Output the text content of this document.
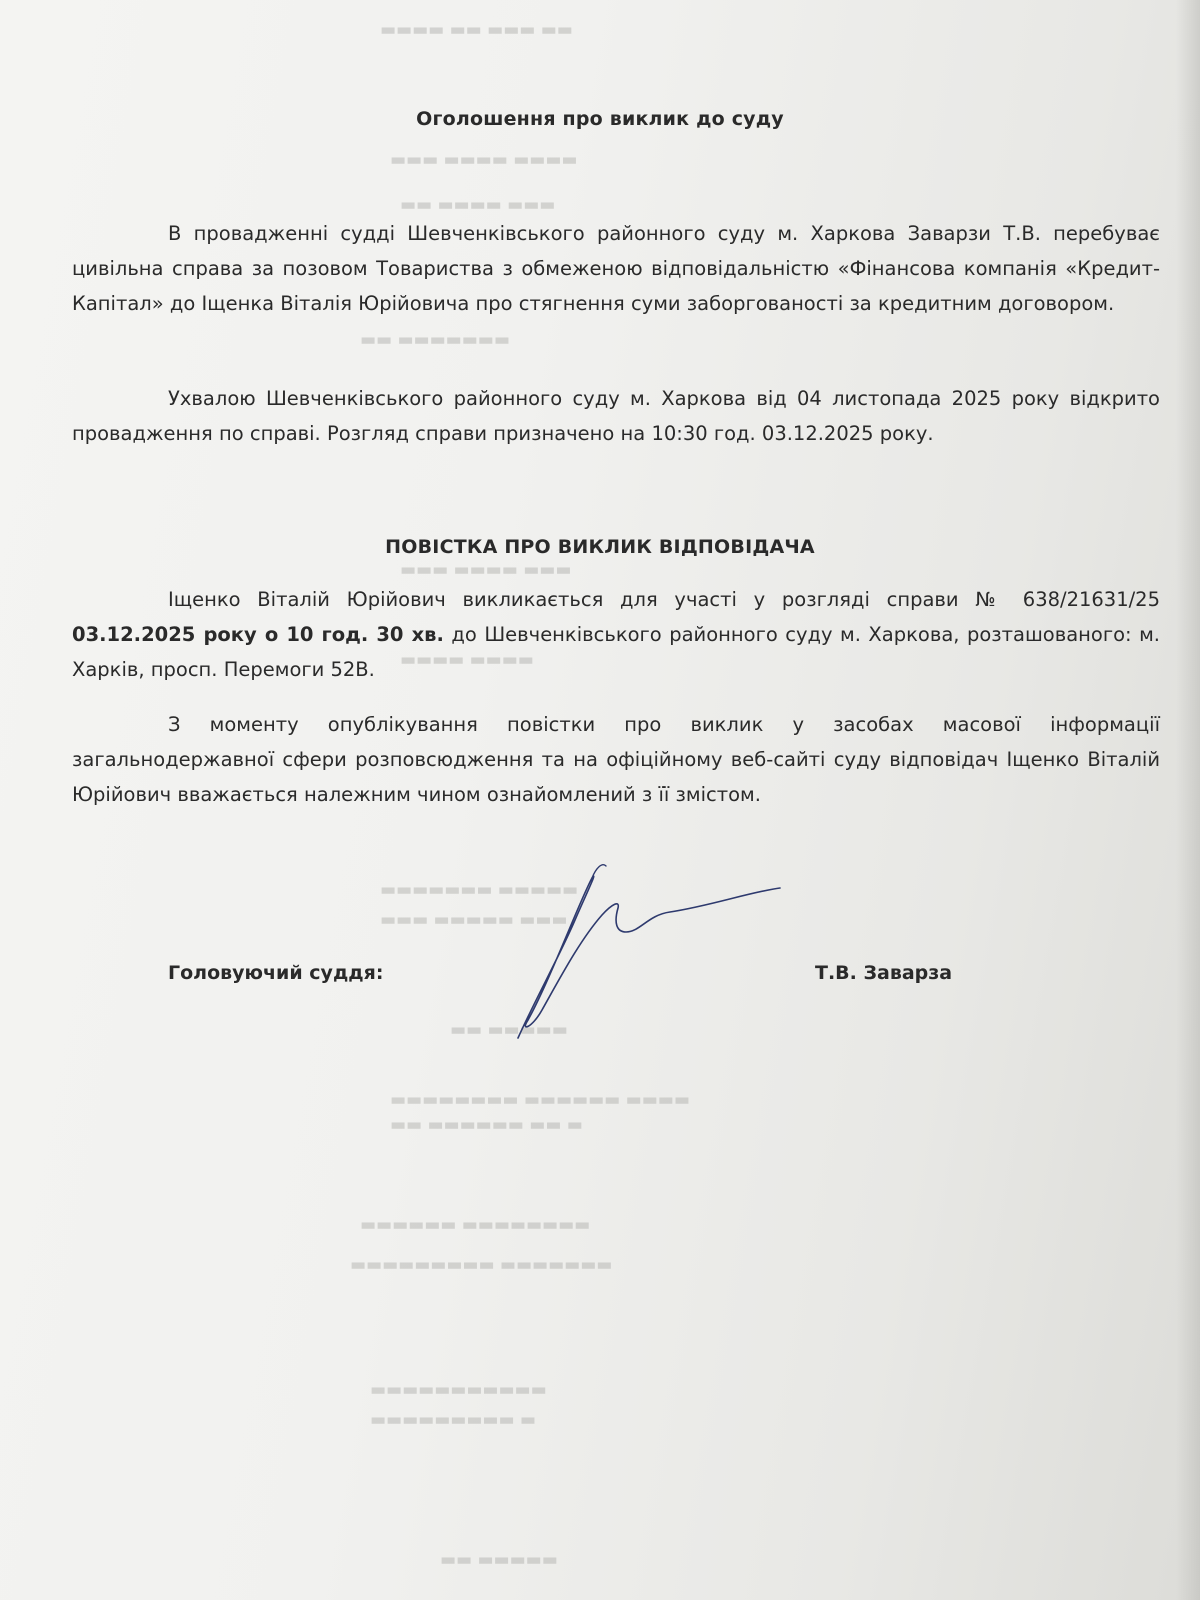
▬▬ ▬▬▬ ▬▬ ▬▬▬▬
▬▬▬▬ ▬▬▬▬ ▬▬▬
▬▬▬ ▬▬▬▬ ▬▬
▬▬▬▬▬▬▬ ▬▬
▬▬▬ ▬▬▬▬ ▬▬▬
▬▬▬▬ ▬▬▬▬
▬▬▬▬▬ ▬▬▬▬▬▬▬
▬▬▬ ▬▬▬▬▬ ▬▬▬
▬▬▬▬▬ ▬▬
▬▬▬▬ ▬▬▬▬▬▬ ▬▬▬▬▬▬▬▬
▬ ▬▬ ▬▬▬▬▬▬ ▬▬
▬▬▬▬▬▬▬▬ ▬▬▬▬▬▬
▬▬▬▬▬▬▬ ▬▬▬▬▬▬▬▬▬
▬▬▬▬▬▬▬▬▬▬▬
▬ ▬▬▬▬▬▬▬▬▬
▬▬▬▬▬ ▬▬
Оголошення про виклик до суду

В провадженні судді Шевченківського районного суду м. Харкова Заварзи Т.В. перебуває цивільна справа за позовом Товариства з обмеженою відповідальністю «Фінансова компанія «Кредит-Капітал» до Іщенка Віталія Юрійовича про стягнення суми заборгованості за кредитним договором.

Ухвалою Шевченківського районного суду м. Харкова від 04 листопада 2025 року відкрито провадження по справі. Розгляд справи призначено на 10:30 год. 03.12.2025 року.

ПОВІСТКА ПРО ВИКЛИК ВІДПОВІДАЧА

Іщенко Віталій Юрійович викликається для участі у розгляді справи № 638/21631/25 03.12.2025 року о 10 год. 30 хв. до Шевченківського районного суду м. Харкова, розташованого: м. Харків, просп. Перемоги 52В.

З моменту опублікування повістки про виклик у засобах масової інформації загальнодержавної сфери розповсюдження та на офіційному веб-сайті суду відповідач Іщенко Віталій Юрійович вважається належним чином ознайомлений з її змістом.

Головуючий суддя:	Т.В. Заварза
